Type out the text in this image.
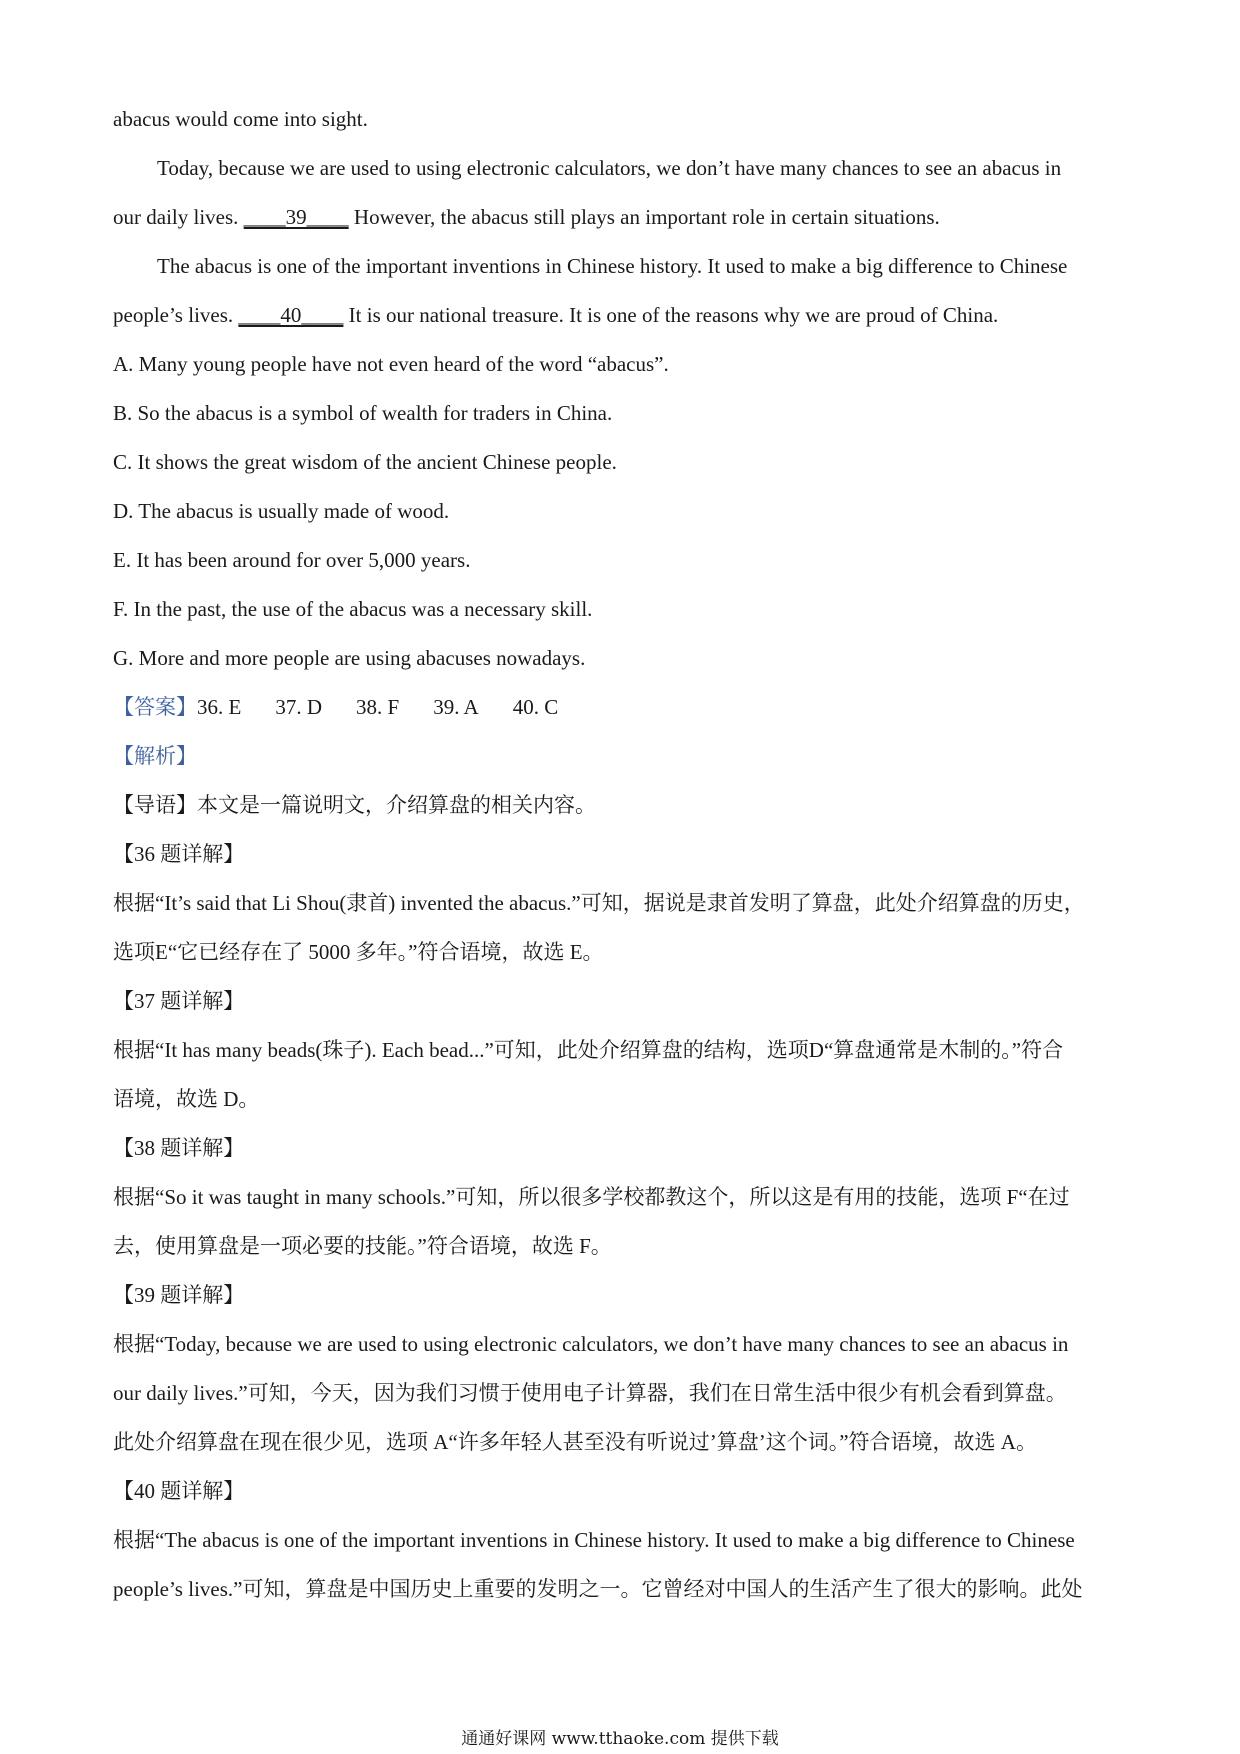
abacus would come into sight.
Today, because we are used to using electronic calculators, we don’t have many chances to see an abacus in
our daily lives. ____39____ However, the abacus still plays an important role in certain situations.
The abacus is one of the important inventions in Chinese history. It used to make a big difference to Chinese
people’s lives. ____40____ It is our national treasure. It is one of the reasons why we are proud of China.
A. Many young people have not even heard of the word “abacus”.
B. So the abacus is a symbol of wealth for traders in China.
C. It shows the great wisdom of the ancient Chinese people.
D. The abacus is usually made of wood.
E. It has been around for over 5,000 years.
F. In the past, the use of the abacus was a necessary skill.
G. More and more people are using abacuses nowadays.
【答案】36. E 37. D 38. F 39. A 40. C
【解析】
【导语】本文是一篇说明文，介绍算盘的相关内容。
【36 题详解】
根据“It’s said that Li Shou(隶首) invented the abacus.”可知，据说是隶首发明了算盘，此处介绍算盘的历史，
选项E“它已经存在了 5000 多年。”符合语境，故选 E。
【37 题详解】
根据“It has many beads(珠子). Each bead...”可知，此处介绍算盘的结构，选项D“算盘通常是木制的。”符合
语境，故选 D。
【38 题详解】
根据“So it was taught in many schools.”可知，所以很多学校都教这个，所以这是有用的技能，选项 F“在过
去，使用算盘是一项必要的技能。”符合语境，故选 F。
【39 题详解】
根据“Today, because we are used to using electronic calculators, we don’t have many chances to see an abacus in
our daily lives.”可知，今天，因为我们习惯于使用电子计算器，我们在日常生活中很少有机会看到算盘。
此处介绍算盘在现在很少见，选项 A“许多年轻人甚至没有听说过’算盘’这个词。”符合语境，故选 A。
【40 题详解】
根据“The abacus is one of the important inventions in Chinese history. It used to make a big difference to Chinese
people’s lives.”可知，算盘是中国历史上重要的发明之一。它曾经对中国人的生活产生了很大的影响。此处
通通好课网 www.tthaoke.com 提供下载
